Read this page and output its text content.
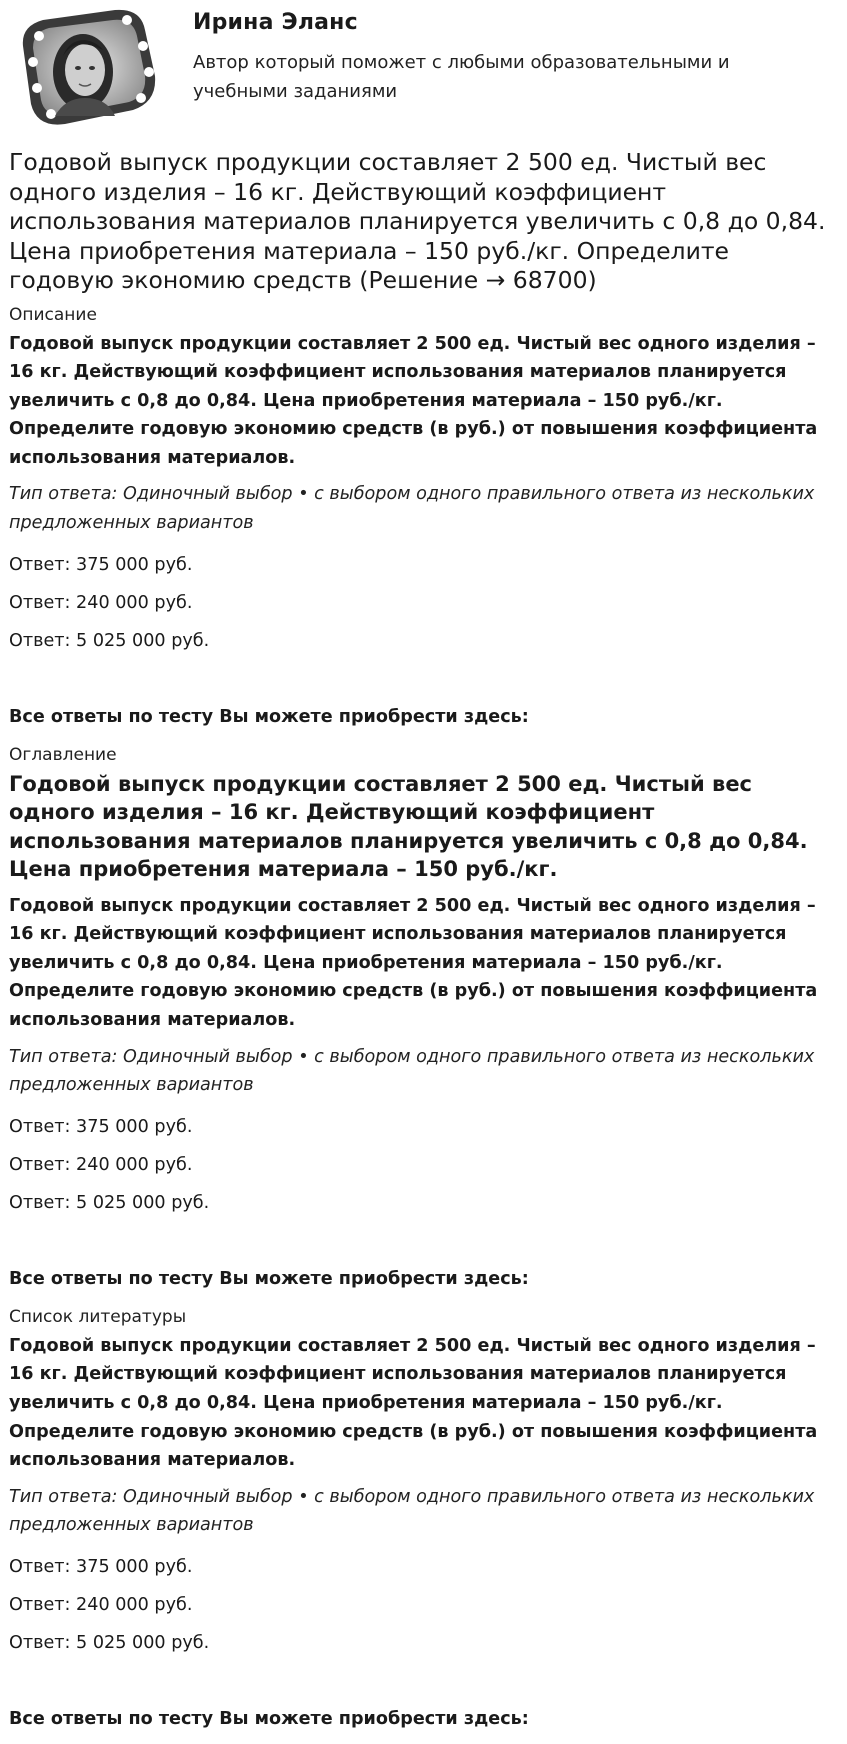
Ирина Эланс
Автор который поможет с любыми образовательными и учебными заданиями
Годовой выпуск продукции составляет 2 500 ед. Чистый вес одного изделия – 16 кг. Действующий коэффициент использования материалов планируется увеличить с 0,8 до 0,84. Цена приобретения материала – 150 руб./кг. Определите годовую экономию средств (Решение → 68700)
Описание
Годовой выпуск продукции составляет 2 500 ед. Чистый вес одного изделия – 16 кг. Действующий коэффициент использования материалов планируется увеличить с 0,8 до 0,84. Цена приобретения материала – 150 руб./кг. Определите годовую экономию средств (в руб.) от повышения коэффициента использования материалов.
Тип ответа: Одиночный выбор • с выбором одного правильного ответа из нескольких предложенных вариантов
Ответ: 375 000 руб.
Ответ: 240 000 руб.
Ответ: 5 025 000 руб.
Все ответы по тесту Вы можете приобрести здесь:
Оглавление
Годовой выпуск продукции составляет 2 500 ед. Чистый вес одного изделия – 16 кг. Действующий коэффициент использования материалов планируется увеличить с 0,8 до 0,84. Цена приобретения материала – 150 руб./кг.
Годовой выпуск продукции составляет 2 500 ед. Чистый вес одного изделия – 16 кг. Действующий коэффициент использования материалов планируется увеличить с 0,8 до 0,84. Цена приобретения материала – 150 руб./кг. Определите годовую экономию средств (в руб.) от повышения коэффициента использования материалов.
Тип ответа: Одиночный выбор • с выбором одного правильного ответа из нескольких предложенных вариантов
Ответ: 375 000 руб.
Ответ: 240 000 руб.
Ответ: 5 025 000 руб.
Все ответы по тесту Вы можете приобрести здесь:
Список литературы
Годовой выпуск продукции составляет 2 500 ед. Чистый вес одного изделия – 16 кг. Действующий коэффициент использования материалов планируется увеличить с 0,8 до 0,84. Цена приобретения материала – 150 руб./кг. Определите годовую экономию средств (в руб.) от повышения коэффициента использования материалов.
Тип ответа: Одиночный выбор • с выбором одного правильного ответа из нескольких предложенных вариантов
Ответ: 375 000 руб.
Ответ: 240 000 руб.
Ответ: 5 025 000 руб.
Все ответы по тесту Вы можете приобрести здесь:
